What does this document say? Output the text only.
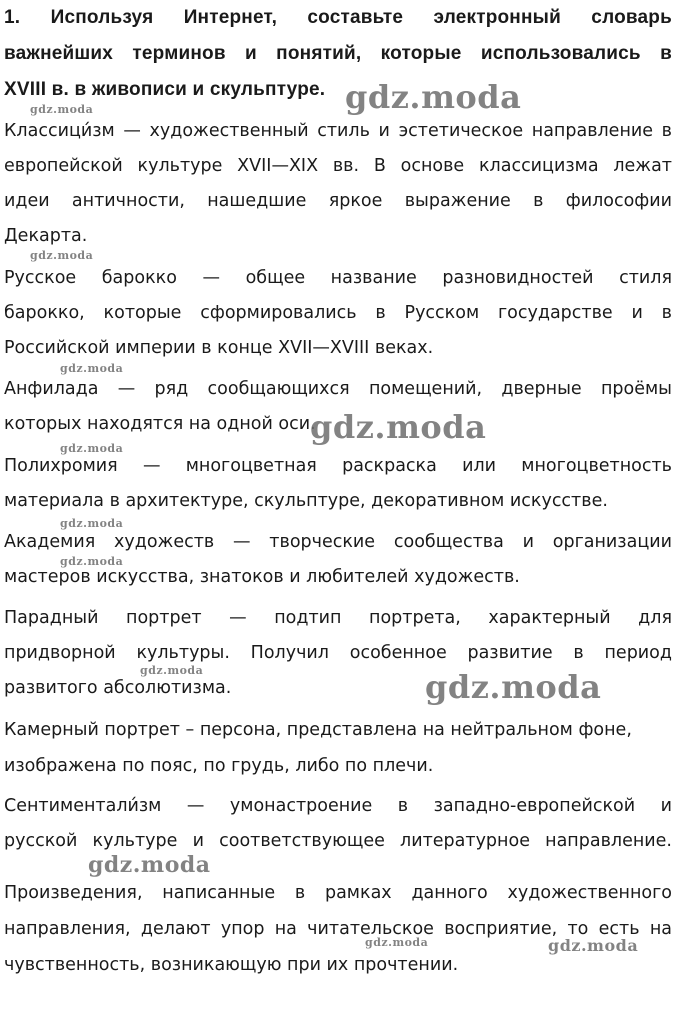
1. Используя Интернет, составьте электронный словарь

важнейших терминов и понятий, которые использовались в

XVIII в. в живописи и скульптуре.

Классици́зм — художественный стиль и эстетическое направление в

европейской культуре XVII—XIX вв. В основе классицизма лежат

идеи античности, нашедшие яркое выражение в философии

Декарта.

Русское барокко — общее название разновидностей стиля

барокко, которые сформировались в Русском государстве и в

Российской империи в конце XVII—XVIII веках.

Анфилада — ряд сообщающихся помещений, дверные проёмы

которых находятся на одной оси.

Полихромия — многоцветная раскраска или многоцветность

материала в архитектуре, скульптуре, декоративном искусстве.

Академия художеств — творческие сообщества и организации

мастеров искусства, знатоков и любителей художеств.

Парадный портрет — подтип портрета, характерный для

придворной культуры. Получил особенное развитие в период

развитого абсолютизма.

Камерный портрет – персона, представлена на нейтральном фоне,

изображена по пояс, по грудь, либо по плечи.

Сентиментали́зм — умонастроение в западно-европейской и

русской культуре и соответствующее литературное направление.

Произведения, написанные в рамках данного художественного

направления, делают упор на читательское восприятие, то есть на

чувственность, возникающую при их прочтении.

gdz.moda
gdz.moda
gdz.moda
gdz.moda
gdz.moda
gdz.moda
gdz.moda
gdz.moda
gdz.moda	gdz.moda
gdz.moda
gdz.moda	gdz.moda
